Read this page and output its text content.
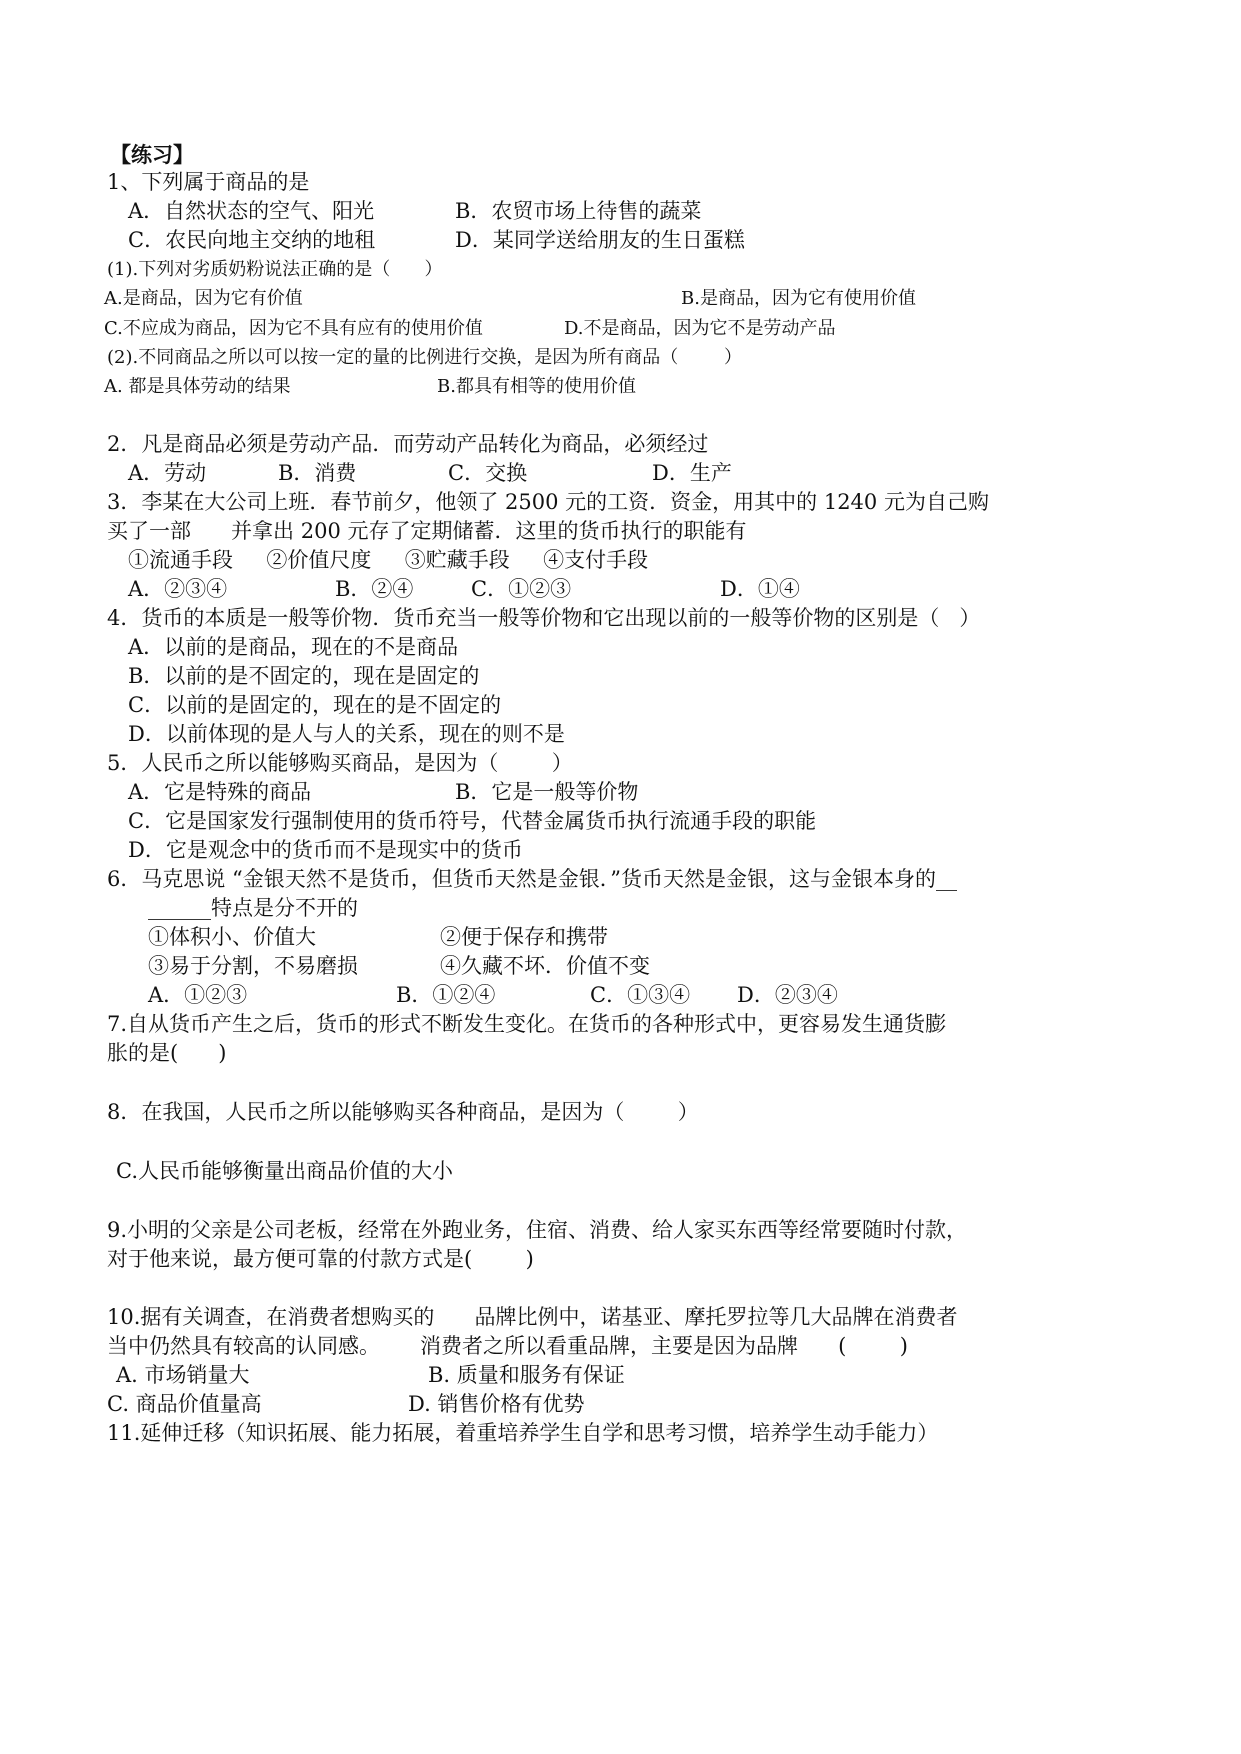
【练习】
1、下列属于商品的是
A．自然状态的空气、阳光	B．农贸市场上待售的蔬菜
C．农民向地主交纳的地租	D．某同学送给朋友的生日蛋糕
(1).下列对劣质奶粉说法正确的是（      ）
A.是商品，因为它有价值	B.是商品，因为它有使用价值
C.不应成为商品，因为它不具有应有的使用价值	D.不是商品，因为它不是劳动产品
(2).不同商品之所以可以按一定的量的比例进行交换，是因为所有商品（        ）
A. 都是具体劳动的结果	B.都具有相等的使用价值
2．凡是商品必须是劳动产品．而劳动产品转化为商品，必须经过
A．劳动	B．消费	C．交换	D．生产
3．李某在大公司上班．春节前夕，他领了 2500 元的工资．资金，用其中的 1240 元为自己购
买了一部      并拿出 200 元存了定期储蓄．这里的货币执行的职能有
①流通手段     ②价值尺度     ③贮藏手段     ④支付手段
A．②③④	B．②④	C．①②③	D．①④
4．货币的本质是一般等价物．货币充当一般等价物和它出现以前的一般等价物的区别是（   ）
A．以前的是商品，现在的不是商品
B．以前的是不固定的，现在是固定的
C．以前的是固定的，现在的是不固定的
D．以前体现的是人与人的关系，现在的则不是
5．人民币之所以能够购买商品，是因为（        ）
A．它是特殊的商品	B．它是一般等价物
C．它是国家发行强制使用的货币符号，代替金属货币执行流通手段的职能
D．它是观念中的货币而不是现实中的货币
6．马克思说 “金银天然不是货币，但货币天然是金银．”货币天然是金银，这与金银本身的__
______特点是分不开的
①体积小、价值大	②便于保存和携带
③易于分割，不易磨损	④久藏不坏．价值不变
A．①②③	B．①②④	C．①③④ D．②③④
7.自从货币产生之后，货币的形式不断发生变化。在货币的各种形式中，更容易发生通货膨
胀的是(      )
8．在我国，人民币之所以能够购买各种商品，是因为（        ）
C.人民币能够衡量出商品价值的大小
9.小明的父亲是公司老板，经常在外跑业务，住宿、消费、给人家买东西等经常要随时付款，
对于他来说，最方便可靠的付款方式是(        )
10.据有关调查，在消费者想购买的      品牌比例中，诺基亚、摩托罗拉等几大品牌在消费者
当中仍然具有较高的认同感。      消费者之所以看重品牌，主要是因为品牌      (        )
A. 市场销量大	B. 质量和服务有保证
C. 商品价值量高	D. 销售价格有优势
11.延伸迁移（知识拓展、能力拓展，着重培养学生自学和思考习惯，培养学生动手能力）
